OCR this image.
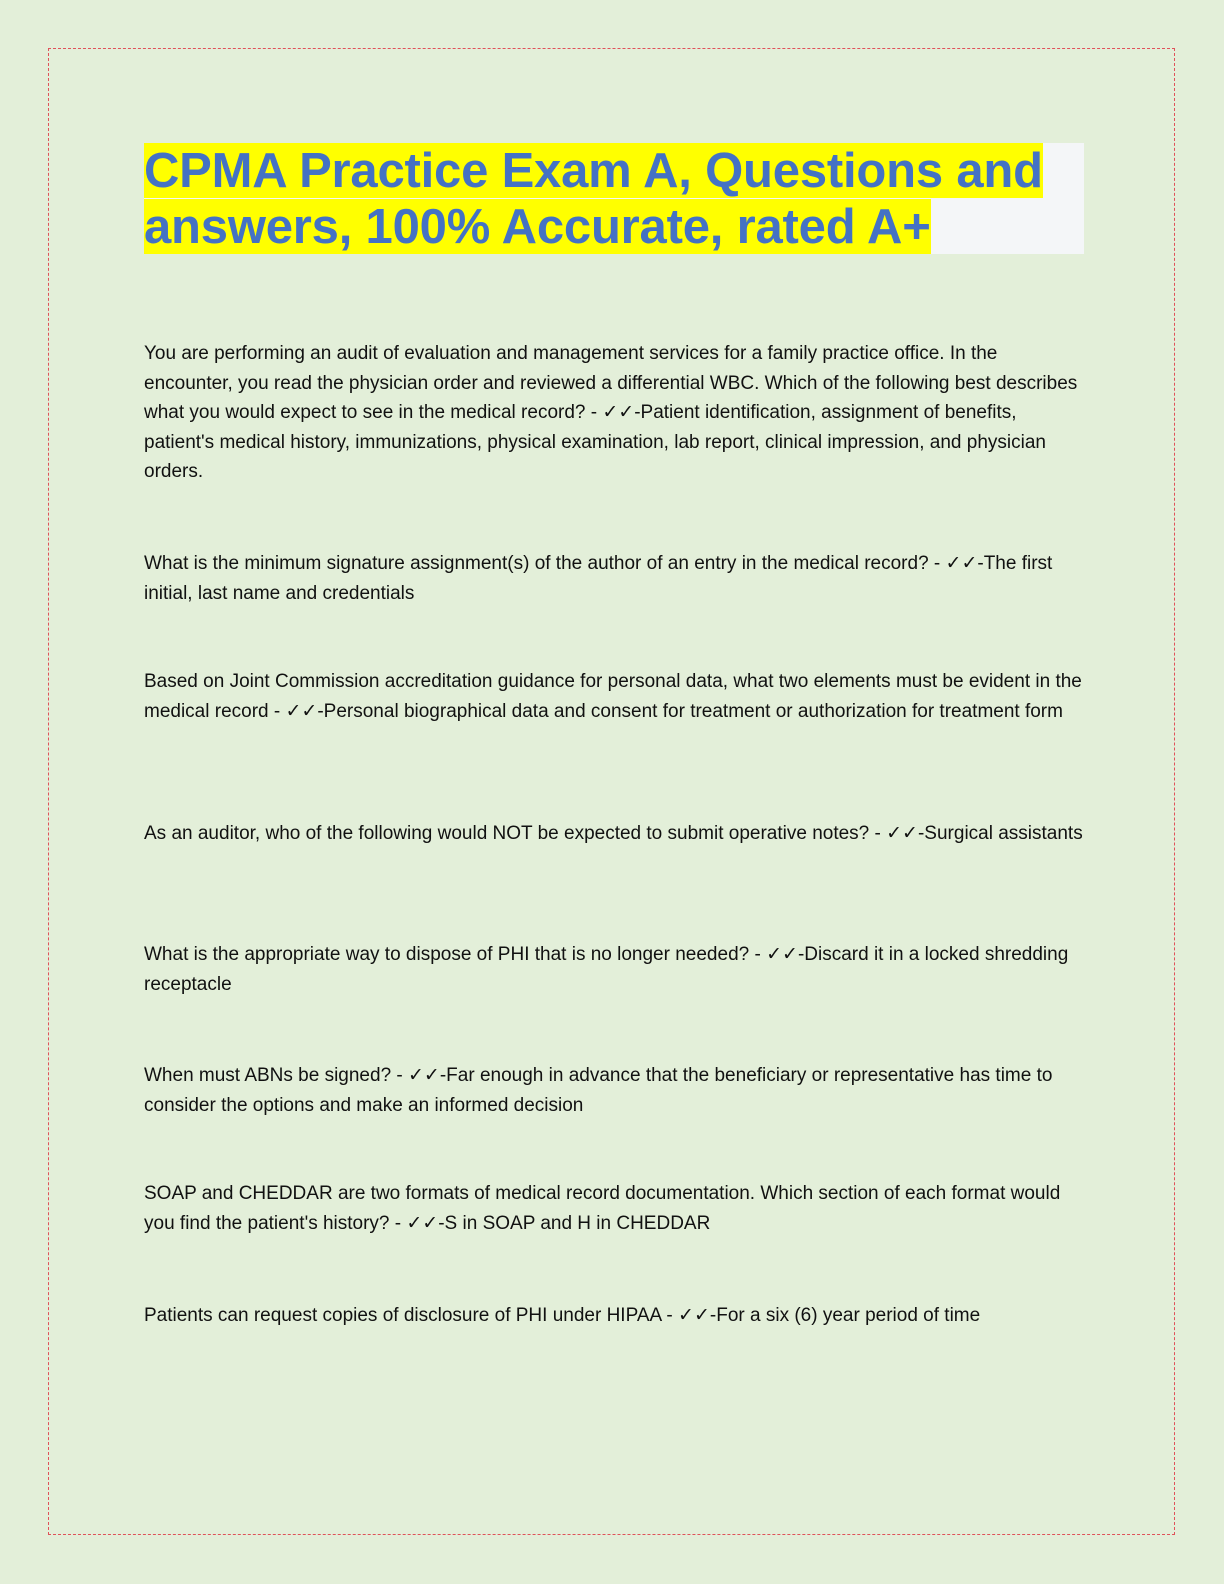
CPMA Practice Exam A, Questions and
answers, 100% Accurate, rated A+

You are performing an audit of evaluation and management services for a family practice office. In the encounter, you read the physician order and reviewed a differential WBC. Which of the following best describes what you would expect to see in the medical record? - ✓✓-Patient identification, assignment of benefits, patient's medical history, immunizations, physical examination, lab report, clinical impression, and physician orders.

What is the minimum signature assignment(s) of the author of an entry in the medical record? - ✓✓-The first initial, last name and credentials

Based on Joint Commission accreditation guidance for personal data, what two elements must be evident in the medical record - ✓✓-Personal biographical data and consent for treatment or authorization for treatment form

As an auditor, who of the following would NOT be expected to submit operative notes? - ✓✓-Surgical assistants

What is the appropriate way to dispose of PHI that is no longer needed? - ✓✓-Discard it in a locked shredding receptacle

When must ABNs be signed? - ✓✓-Far enough in advance that the beneficiary or representative has time to consider the options and make an informed decision

SOAP and CHEDDAR are two formats of medical record documentation. Which section of each format would you find the patient's history? - ✓✓-S in SOAP and H in CHEDDAR

Patients can request copies of disclosure of PHI under HIPAA - ✓✓-For a six (6) year period of time
